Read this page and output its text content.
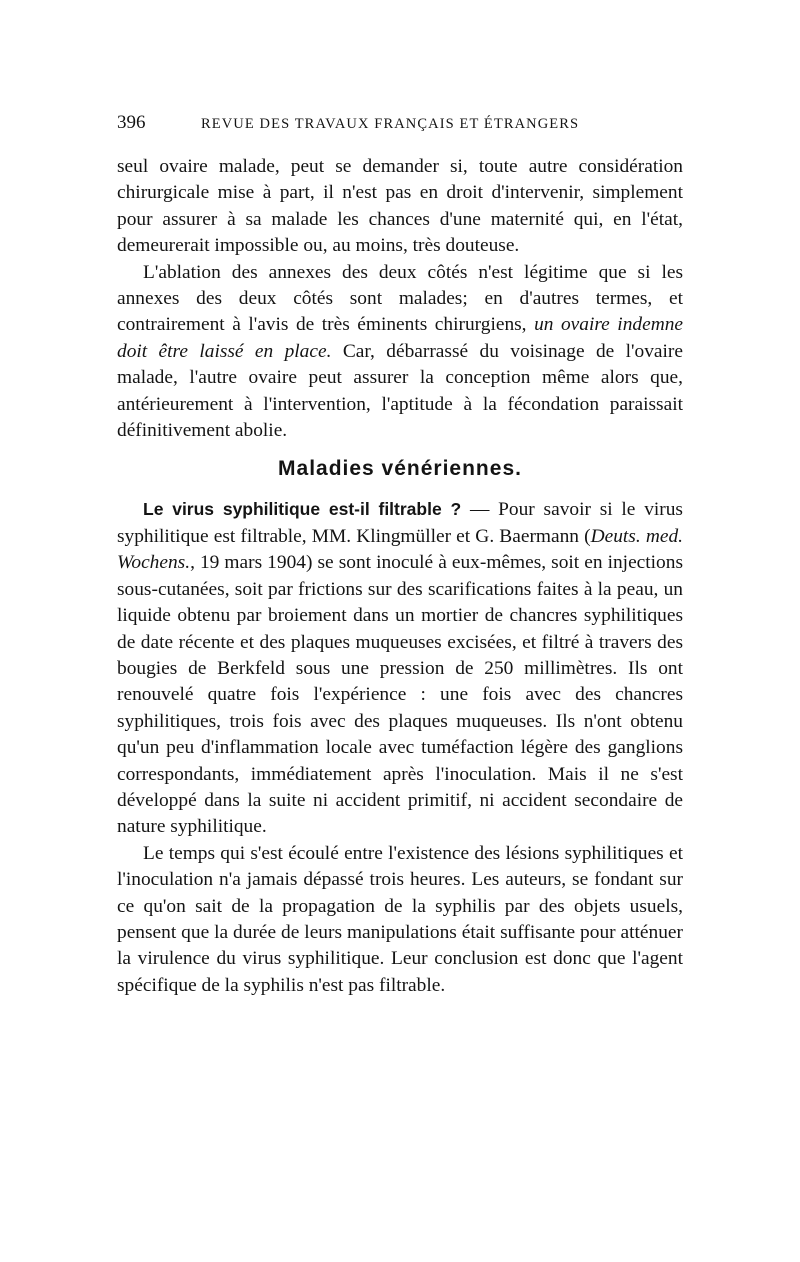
396	REVUE DES TRAVAUX FRANÇAIS ET ÉTRANGERS

seul ovaire malade, peut se demander si, toute autre considération chirurgicale mise à part, il n'est pas en droit d'intervenir, simplement pour assurer à sa malade les chances d'une maternité qui, en l'état, demeurerait impossible ou, au moins, très douteuse.

L'ablation des annexes des deux côtés n'est légitime que si les annexes des deux côtés sont malades; en d'autres termes, et contrairement à l'avis de très éminents chirurgiens, un ovaire indemne doit être laissé en place. Car, débarrassé du voisinage de l'ovaire malade, l'autre ovaire peut assurer la conception même alors que, antérieurement à l'intervention, l'aptitude à la fécondation paraissait définitivement abolie.

Maladies vénériennes.

Le virus syphilitique est-il filtrable ? — Pour savoir si le virus syphilitique est filtrable, MM. Klingmüller et G. Baermann (Deuts. med. Wochens., 19 mars 1904) se sont inoculé à eux-mêmes, soit en injections sous-cutanées, soit par frictions sur des scarifications faites à la peau, un liquide obtenu par broiement dans un mortier de chancres syphilitiques de date récente et des plaques muqueuses excisées, et filtré à travers des bougies de Berkfeld sous une pression de 250 millimètres. Ils ont renouvelé quatre fois l'expérience : une fois avec des chancres syphilitiques, trois fois avec des plaques muqueuses. Ils n'ont obtenu qu'un peu d'inflammation locale avec tuméfaction légère des ganglions correspondants, immédiatement après l'inoculation. Mais il ne s'est développé dans la suite ni accident primitif, ni accident secondaire de nature syphilitique.

Le temps qui s'est écoulé entre l'existence des lésions syphilitiques et l'inoculation n'a jamais dépassé trois heures. Les auteurs, se fondant sur ce qu'on sait de la propagation de la syphilis par des objets usuels, pensent que la durée de leurs manipulations était suffisante pour atténuer la virulence du virus syphilitique. Leur conclusion est donc que l'agent spécifique de la syphilis n'est pas filtrable.
